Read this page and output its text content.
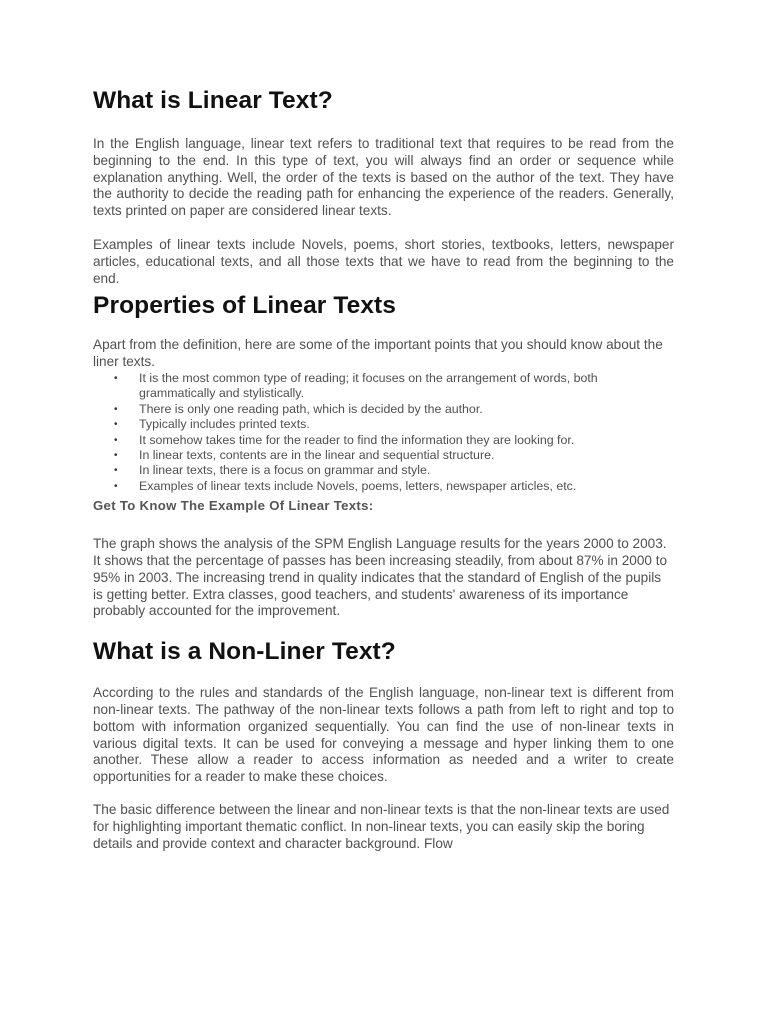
What is Linear Text?

In the English language, linear text refers to traditional text that requires to be read from the beginning to the end. In this type of text, you will always find an order or sequence while explanation anything. Well, the order of the texts is based on the author of the text. They have the authority to decide the reading path for enhancing the experience of the readers. Generally, texts printed on paper are considered linear texts.

Examples of linear texts include Novels, poems, short stories, textbooks, letters, newspaper articles, educational texts, and all those texts that we have to read from the beginning to the end.

Properties of Linear Texts

Apart from the definition, here are some of the important points that you should know about the liner texts.

• It is the most common type of reading; it focuses on the arrangement of words, both grammatically and stylistically.
• There is only one reading path, which is decided by the author.
• Typically includes printed texts.
• It somehow takes time for the reader to find the information they are looking for.
• In linear texts, contents are in the linear and sequential structure.
• In linear texts, there is a focus on grammar and style.
• Examples of linear texts include Novels, poems, letters, newspaper articles, etc.

Get To Know The Example Of Linear Texts:

The graph shows the analysis of the SPM English Language results for the years 2000 to 2003. It shows that the percentage of passes has been increasing steadily, from about 87% in 2000 to 95% in 2003. The increasing trend in quality indicates that the standard of English of the pupils is getting better. Extra classes, good teachers, and students' awareness of its importance probably accounted for the improvement.

What is a Non-Liner Text?

According to the rules and standards of the English language, non-linear text is different from non-linear texts. The pathway of the non-linear texts follows a path from left to right and top to bottom with information organized sequentially. You can find the use of non-linear texts in various digital texts. It can be used for conveying a message and hyper linking them to one another. These allow a reader to access information as needed and a writer to create opportunities for a reader to make these choices.

The basic difference between the linear and non-linear texts is that the non-linear texts are used for highlighting important thematic conflict. In non-linear texts, you can easily skip the boring details and provide context and character background. Flow
